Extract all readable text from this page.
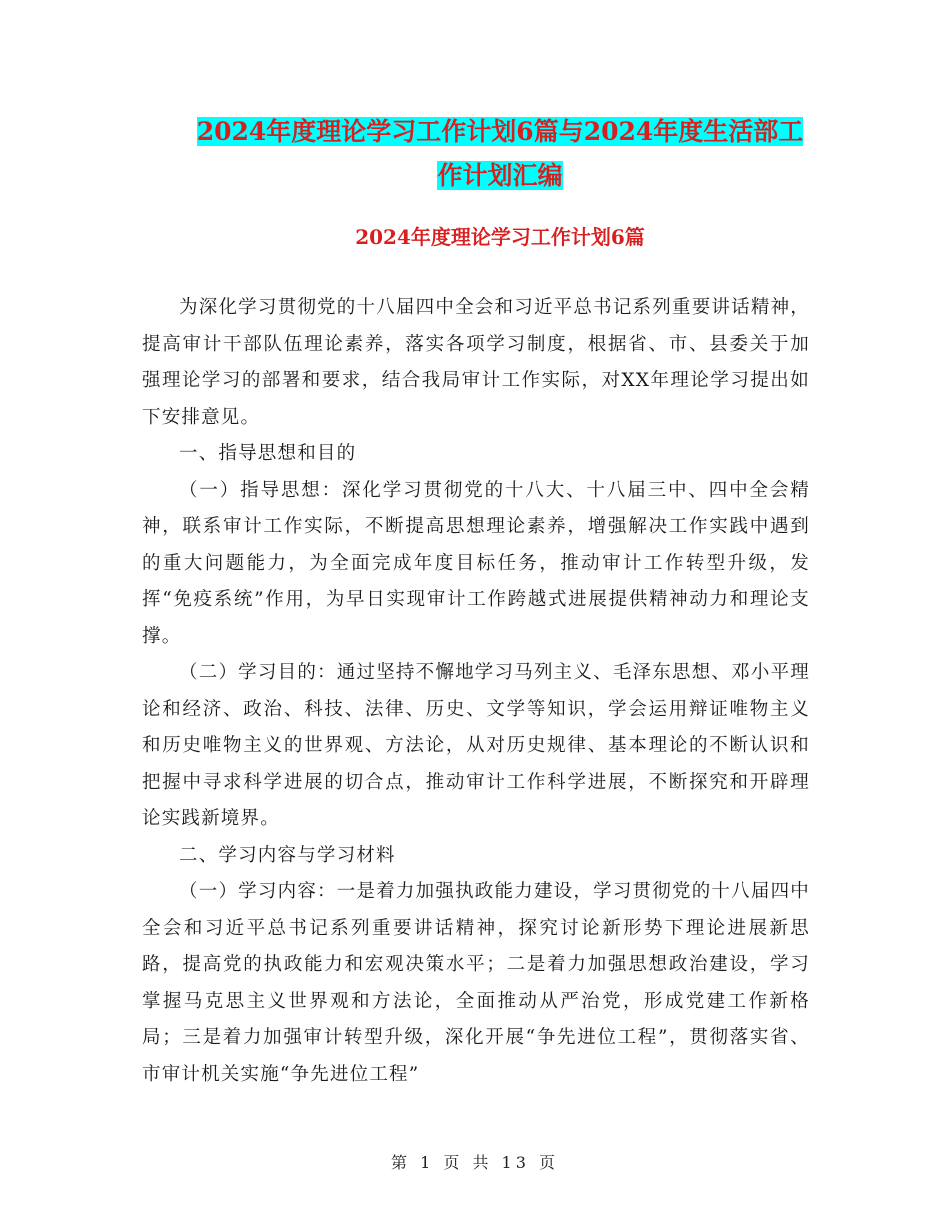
2024年度理论学习工作计划6篇与2024年度生活部工
作计划汇编
2024年度理论学习工作计划6篇

为深化学习贯彻党的十八届四中全会和习近平总书记系列重要讲话精神，提高审计干部队伍理论素养，落实各项学习制度，根据省、市、县委关于加强理论学习的部署和要求，结合我局审计工作实际，对XX年理论学习提出如下安排意见。

一、指导思想和目的

（一）指导思想：深化学习贯彻党的十八大、十八届三中、四中全会精神，联系审计工作实际，不断提高思想理论素养，增强解决工作实践中遇到的重大问题能力，为全面完成年度目标任务，推动审计工作转型升级，发挥“免疫系统”作用，为早日实现审计工作跨越式进展提供精神动力和理论支撑。

（二）学习目的：通过坚持不懈地学习马列主义、毛泽东思想、邓小平理论和经济、政治、科技、法律、历史、文学等知识，学会运用辩证唯物主义和历史唯物主义的世界观、方法论，从对历史规律、基本理论的不断认识和把握中寻求科学进展的切合点，推动审计工作科学进展，不断探究和开辟理论实践新境界。

二、学习内容与学习材料

（一）学习内容：一是着力加强执政能力建设，学习贯彻党的十八届四中全会和习近平总书记系列重要讲话精神，探究讨论新形势下理论进展新思路，提高党的执政能力和宏观决策水平；二是着力加强思想政治建设，学习掌握马克思主义世界观和方法论，全面推动从严治党，形成党建工作新格局；三是着力加强审计转型升级，深化开展“争先进位工程”，贯彻落实省、市审计机关实施“争先进位工程”

第 1 页 共 13 页
